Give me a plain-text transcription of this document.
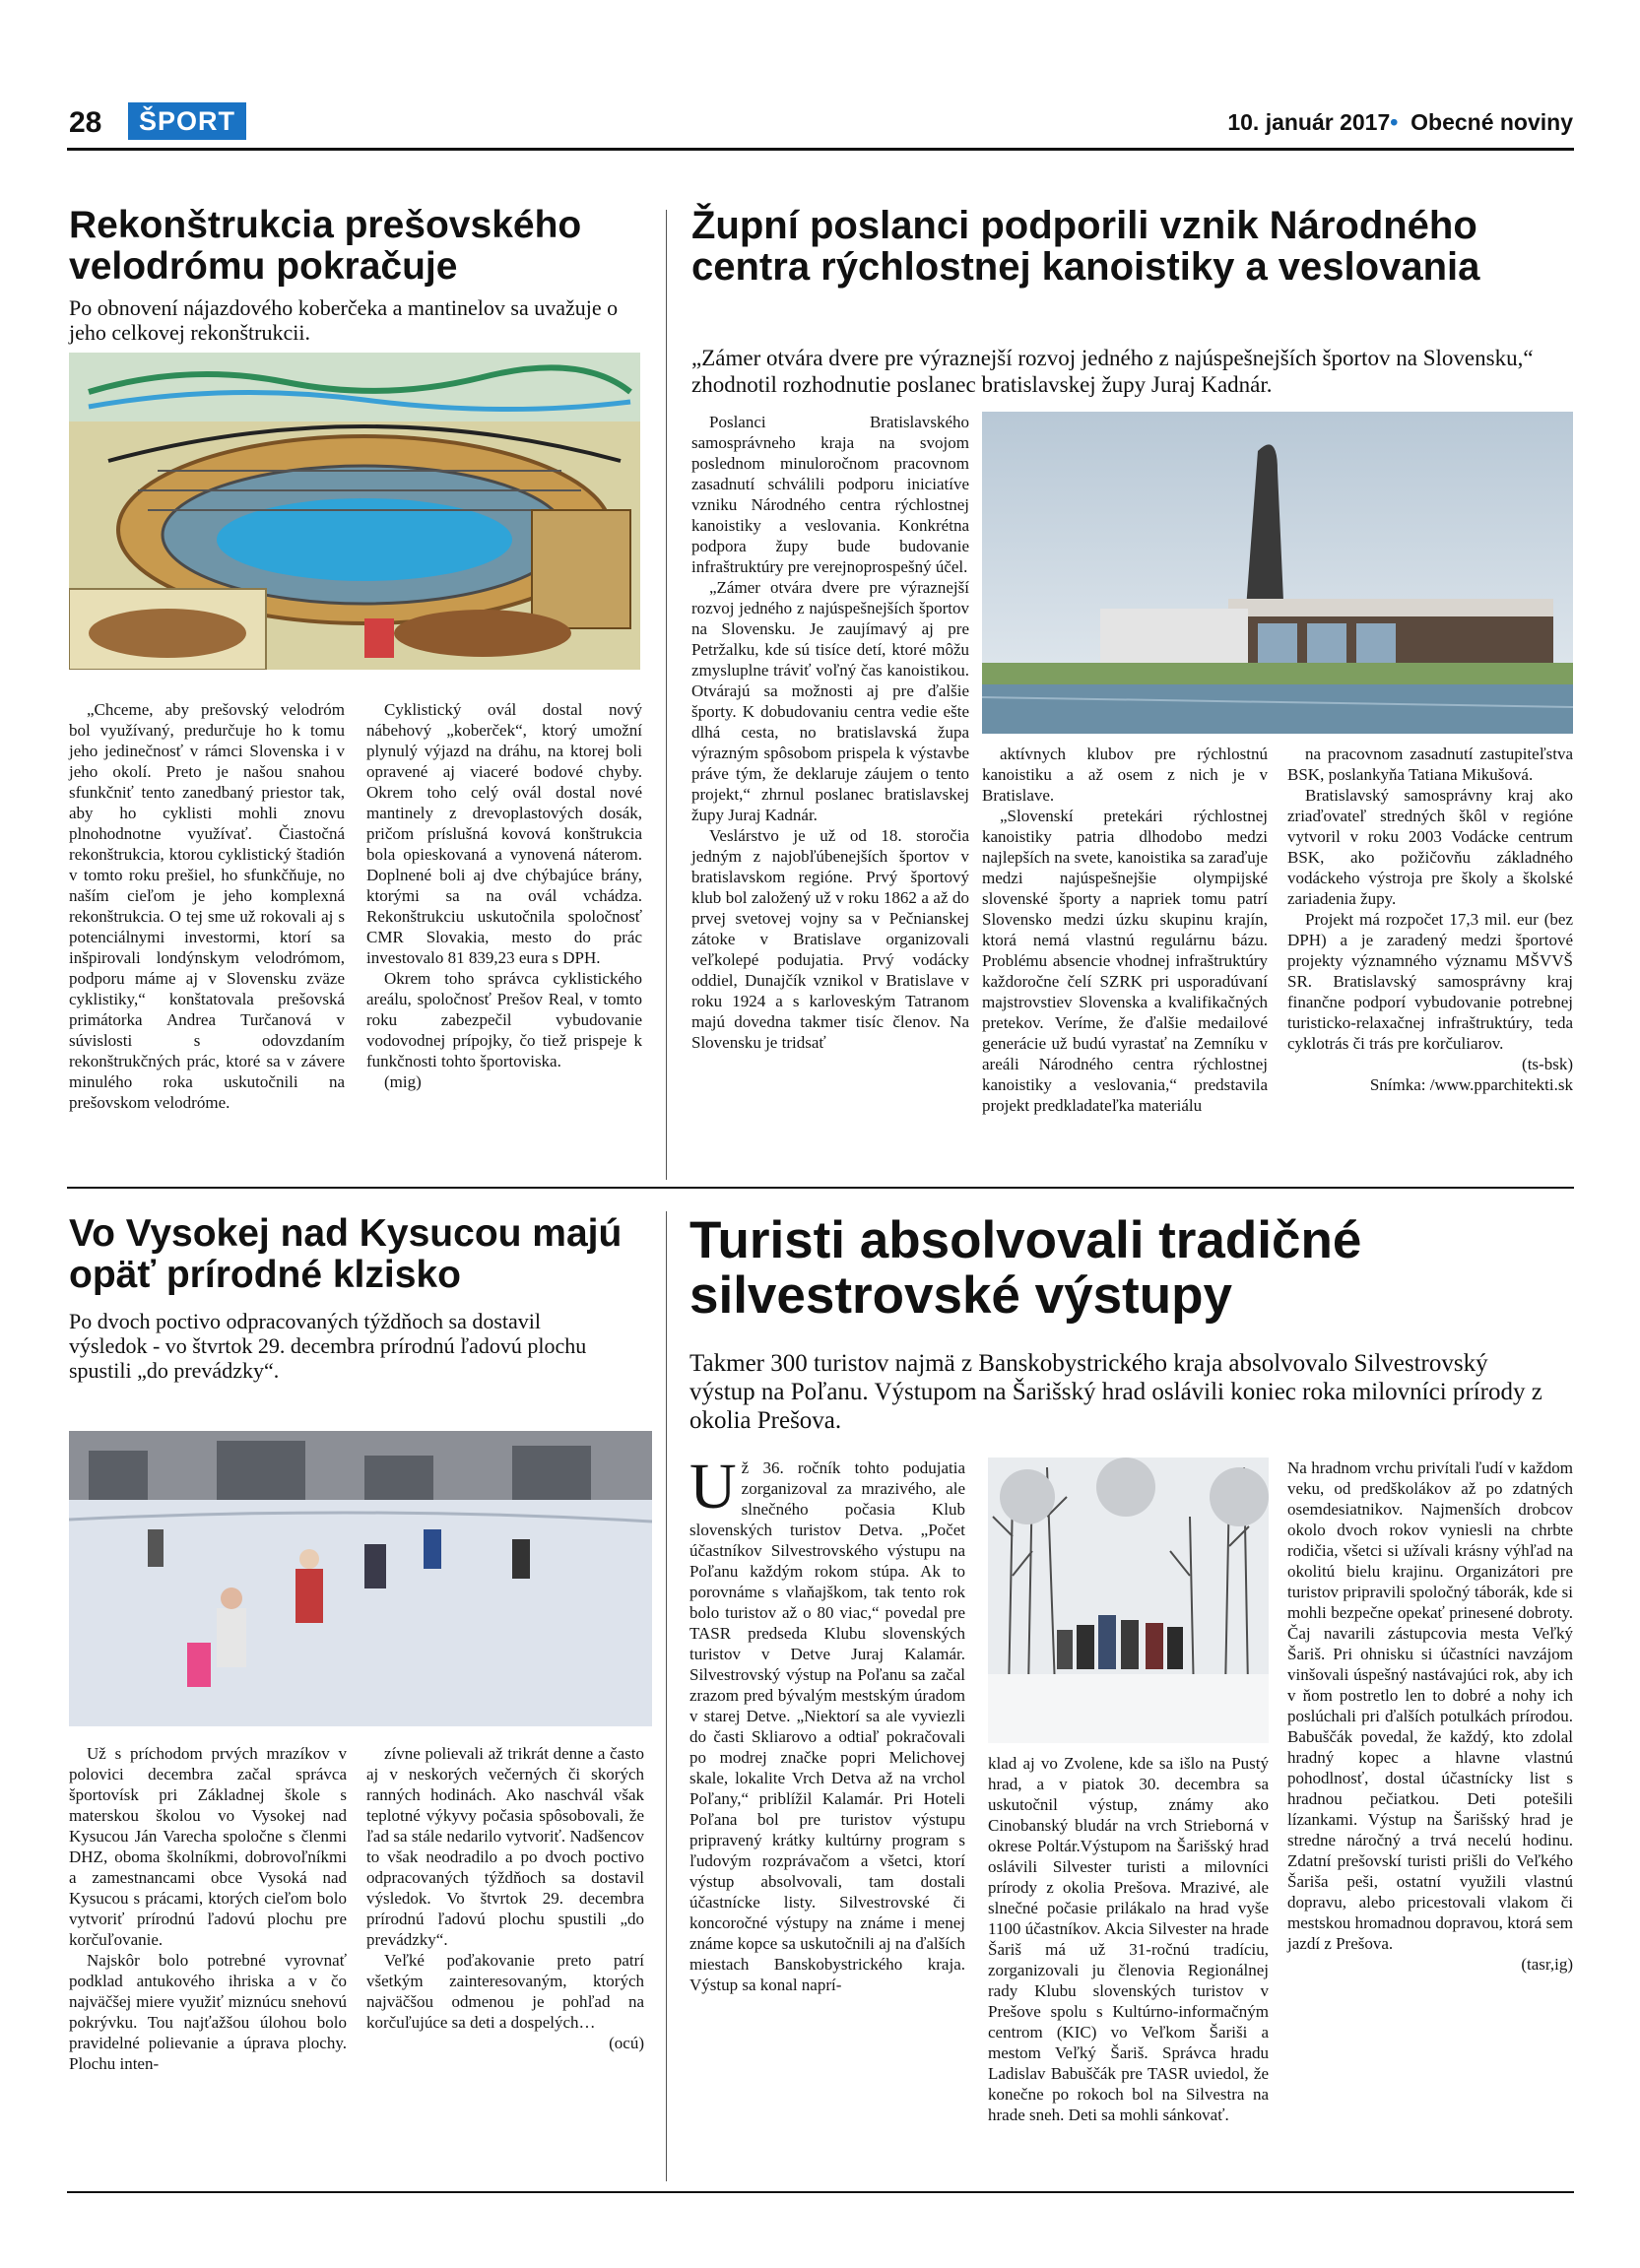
28	ŠPORT	10. január 2017• Obecné noviny
Rekonštrukcia prešovského velodrómu pokračuje

Po obnovení nájazdového koberčeka a mantinelov sa uvažuje o jeho celkovej rekonštrukcii.

„Chceme, aby prešovský velodróm bol využívaný, predurčuje ho k tomu jeho jedinečnosť v rámci Slovenska i v jeho okolí. Preto je našou snahou sfunkčniť tento zanedbaný priestor tak, aby ho cyklisti mohli znovu plnohodnotne využívať. Čiastočná rekonštrukcia, ktorou cyklistický štadión v tomto roku prešiel, ho sfunkčňuje, no naším cieľom je jeho komplexná rekonštrukcia. O tej sme už rokovali aj s potenciálnymi investormi, ktorí sa inšpirovali londýnskym velodrómom, podporu máme aj v Slovensku zväze cyklistiky,“ konštatovala prešovská primátorka Andrea Turčanová v súvislosti s odovzdaním rekonštrukčných prác, ktoré sa v závere minulého roka uskutočnili na prešovskom velodróme.

Cyklistický ovál dostal nový nábehový „koberček“, ktorý umožní plynulý výjazd na dráhu, na ktorej boli opravené aj viaceré bodové chyby. Okrem toho celý ovál dostal nové mantinely z drevoplastových dosák, pričom príslušná kovová konštrukcia bola opieskovaná a vynovená náterom. Doplnené boli aj dve chýbajúce brány, ktorými sa na ovál vchádza. Rekonštrukciu uskutočnila spoločnosť CMR Slovakia, mesto do prác investovalo 81 839,23 eura s DPH.

Okrem toho správca cyklistického areálu, spoločnosť Prešov Real, v tomto roku zabezpečil vybudovanie vodovodnej prípojky, čo tiež prispeje k funkčnosti tohto športoviska.

(mig)

Župní poslanci podporili vznik Národného centra rýchlostnej kanoistiky a veslovania

„Zámer otvára dvere pre výraznejší rozvoj jedného z najúspešnejších športov na Slovensku,“ zhodnotil rozhodnutie poslanec bratislavskej župy Juraj Kadnár.

Poslanci Bratislavského samosprávneho kraja na svojom poslednom minuloročnom pracovnom zasadnutí schválili podporu iniciatíve vzniku Národného centra rýchlostnej kanoistiky a veslovania. Konkrétna podpora župy bude budovanie infraštruktúry pre verejnoprospešný účel.

„Zámer otvára dvere pre výraznejší rozvoj jedného z najúspešnejších športov na Slovensku. Je zaujímavý aj pre Petržalku, kde sú tisíce detí, ktoré môžu zmysluplne tráviť voľný čas kanoistikou. Otvárajú sa možnosti aj pre ďalšie športy. K dobudovaniu centra vedie ešte dlhá cesta, no bratislavská župa výrazným spôsobom prispela k výstavbe práve tým, že deklaruje záujem o tento projekt,“ zhrnul poslanec bratislavskej župy Juraj Kadnár.

Veslárstvo je už od 18. storočia jedným z najobľúbenejších športov v bratislavskom regióne. Prvý športový klub bol založený už v roku 1862 a až do prvej svetovej vojny sa v Pečnianskej zátoke v Bratislave organizovali veľkolepé podujatia. Prvý vodácky oddiel, Dunajčík vznikol v Bratislave v roku 1924 a s karloveským Tatranom majú dovedna takmer tisíc členov. Na Slovensku je tridsať

aktívnych klubov pre rýchlostnú kanoistiku a až osem z nich je v Bratislave.

„Slovenskí pretekári rýchlostnej kanoistiky patria dlhodobo medzi najlepších na svete, kanoistika sa zaraďuje medzi najúspešnejšie olympijské slovenské športy a napriek tomu patrí Slovensko medzi úzku skupinu krajín, ktorá nemá vlastnú regulárnu bázu. Problému absencie vhodnej infraštruktúry každoročne čelí SZRK pri usporadúvaní majstrovstiev Slovenska a kvalifikačných pretekov. Veríme, že ďalšie medailové generácie už budú vyrastať na Zemníku v areáli Národného centra rýchlostnej kanoistiky a veslovania,“ predstavila projekt predkladateľka materiálu

na pracovnom zasadnutí zastupiteľstva BSK, poslankyňa Tatiana Mikušová.

Bratislavský samosprávny kraj ako zriaďovateľ stredných škôl v regióne vytvoril v roku 2003 Vodácke centrum BSK, ako požičovňu základného vodáckeho výstroja pre školy a školské zariadenia župy.

Projekt má rozpočet 17,3 mil. eur (bez DPH) a je zaradený medzi športové projekty významného významu MŠVVŠ SR. Bratislavský samosprávny kraj finančne podporí vybudovanie potrebnej turisticko-relaxačnej infraštruktúry, teda cyklotrás či trás pre korčuliarov.

(ts-bsk)

Snímka: /www.pparchitekti.sk

Vo Vysokej nad Kysucou majú opäť prírodné klzisko

Po dvoch poctivo odpracovaných týždňoch sa dostavil výsledok - vo štvrtok 29. decembra prírodnú ľadovú plochu spustili „do prevádzky“.

Už s príchodom prvých mrazíkov v polovici decembra začal správca športovísk pri Základnej škole s materskou školou vo Vysokej nad Kysucou Ján Varecha spoločne s členmi DHZ, oboma školníkmi, dobrovoľníkmi a zamestnancami obce Vysoká nad Kysucou s prácami, ktorých cieľom bolo vytvoriť prírodnú ľadovú plochu pre korčuľovanie.

Najskôr bolo potrebné vyrovnať podklad antukového ihriska a v čo najväčšej miere využiť miznúcu snehovú pokrývku. Tou najťažšou úlohou bolo pravidelné polievanie a úprava plochy. Plochu inten-

zívne polievali až trikrát denne a často aj v neskorých večerných či skorých ranných hodinách. Ako naschvál však teplotné výkyvy počasia spôsobovali, že ľad sa stále nedarilo vytvoriť. Nadšencov to však neodradilo a po dvoch poctivo odpracovaných týždňoch sa dostavil výsledok. Vo štvrtok 29. decembra prírodnú ľadovú plochu spustili „do prevádzky“.

Veľké poďakovanie preto patrí všetkým zainteresovaným, ktorých najväčšou odmenou je pohľad na korčuľujúce sa deti a dospelých…

(ocú)

Turisti absolvovali tradičné silvestrovské výstupy

Takmer 300 turistov najmä z Banskobystrického kraja absolvovalo Silvestrovský výstup na Poľanu. Výstupom na Šarišský hrad oslávili koniec roka milovníci prírody z okolia Prešova.

Už 36. ročník tohto podujatia zorganizoval za mrazivého, ale slnečného počasia Klub slovenských turistov Detva. „Počet účastníkov Silvestrovského výstupu na Poľanu každým rokom stúpa. Ak to porovnáme s vlaňajškom, tak tento rok bolo turistov až o 80 viac,“ povedal pre TASR predseda Klubu slovenských turistov v Detve Juraj Kalamár. Silvestrovský výstup na Poľanu sa začal zrazom pred bývalým mestským úradom v starej Detve. „Niektorí sa ale vyviezli do časti Skliarovo a odtiaľ pokračovali po modrej značke popri Melichovej skale, lokalite Vrch Detva až na vrchol Poľany,“ priblížil Kalamár. Pri Hoteli Poľana bol pre turistov výstupu pripravený krátky kultúrny program s ľudovým rozprávačom a všetci, ktorí výstup absolvovali, tam dostali účastnícke listy. Silvestrovské či koncoročné výstupy na známe i menej známe kopce sa uskutočnili aj na ďalších miestach Banskobystrického kraja. Výstup sa konal naprí-

klad aj vo Zvolene, kde sa išlo na Pustý hrad, a v piatok 30. decembra sa uskutočnil výstup, známy ako Cinobanský bludár na vrch Strieborná v okrese Poltár.Výstupom na Šarišský hrad oslávili Silvester turisti a milovníci prírody z okolia Prešova. Mrazivé, ale slnečné počasie prilákalo na hrad vyše 1100 účastníkov. Akcia Silvester na hrade Šariš má už 31-ročnú tradíciu, zorganizovali ju členovia Regionálnej rady Klubu slovenských turistov v Prešove spolu s Kultúrno-informačným centrom (KIC) vo Veľkom Šariši a mestom Veľký Šariš. Správca hradu Ladislav Babuščák pre TASR uviedol, že konečne po rokoch bol na Silvestra na hrade sneh. Deti sa mohli sánkovať.

Na hradnom vrchu privítali ľudí v každom veku, od predškolákov až po zdatných osemdesiatnikov. Najmenších drobcov okolo dvoch rokov vyniesli na chrbte rodičia, všetci si užívali krásny výhľad na okolitú bielu krajinu. Organizátori pre turistov pripravili spoločný táborák, kde si mohli bezpečne opekať prinesené dobroty. Čaj navarili zástupcovia mesta Veľký Šariš. Pri ohnisku si účastníci navzájom vinšovali úspešný nastávajúci rok, aby ich v ňom postretlo len to dobré a nohy ich poslúchali pri ďalších potulkách prírodou. Babuščák povedal, že každý, kto zdolal hradný kopec a hlavne vlastnú pohodlnosť, dostal účastnícky list s hradnou pečiatkou. Deti potešili lízankami. Výstup na Šarišský hrad je stredne náročný a trvá necelú hodinu. Zdatní prešovskí turisti prišli do Veľkého Šariša peši, ostatní využili vlastnú dopravu, alebo pricestovali vlakom či mestskou hromadnou dopravou, ktorá sem jazdí z Prešova.

(tasr,ig)
